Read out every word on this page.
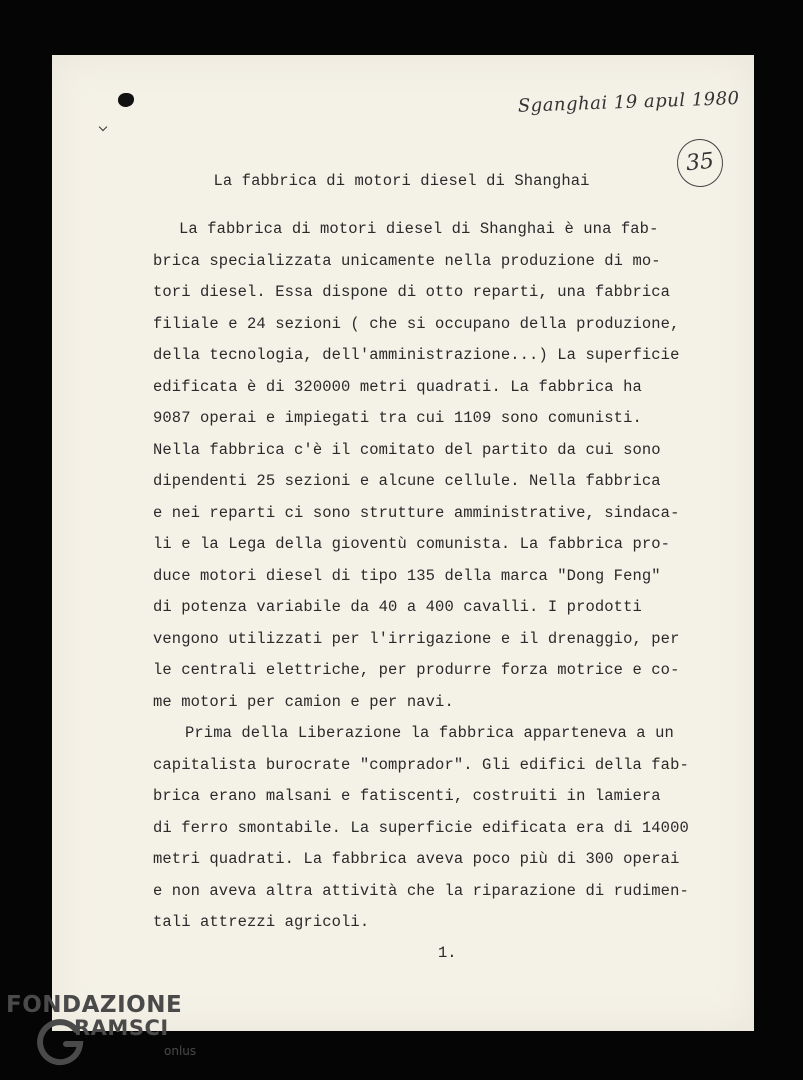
Sganghai 19 apul 1980
35
La fabbrica di motori diesel di Shanghai
La fabbrica di motori diesel di Shanghai è una fab-
brica specializzata unicamente nella produzione di mo-
tori diesel. Essa dispone di otto reparti, una fabbrica
filiale e 24 sezioni ( che si occupano della produzione,
della tecnologia, dell'amministrazione...) La superficie
edificata è di 320000 metri quadrati. La fabbrica ha
9087 operai e impiegati tra cui 1109 sono comunisti.
Nella fabbrica c'è il comitato del partito da cui sono
dipendenti 25 sezioni e alcune cellule. Nella fabbrica
e nei reparti ci sono strutture amministrative, sindaca-
li e la Lega della gioventù comunista. La fabbrica pro-
duce motori diesel di tipo 135 della marca "Dong Feng"
di potenza variabile da 40 a 400 cavalli. I prodotti
vengono utilizzati per l'irrigazione e il drenaggio, per
le centrali elettriche, per produrre forza motrice e co-
me motori per camion e per navi.
Prima della Liberazione la fabbrica apparteneva a un
capitalista burocrate "comprador". Gli edifici della fab-
brica erano malsani e fatiscenti, costruiti in lamiera
di ferro smontabile. La superficie edificata era di 14000
metri quadrati. La fabbrica aveva poco più di 300 operai
e non aveva altra attività che la riparazione di rudimen-
tali attrezzi agricoli.
1.
FONDAZIONE
RAMSCI
onlus
